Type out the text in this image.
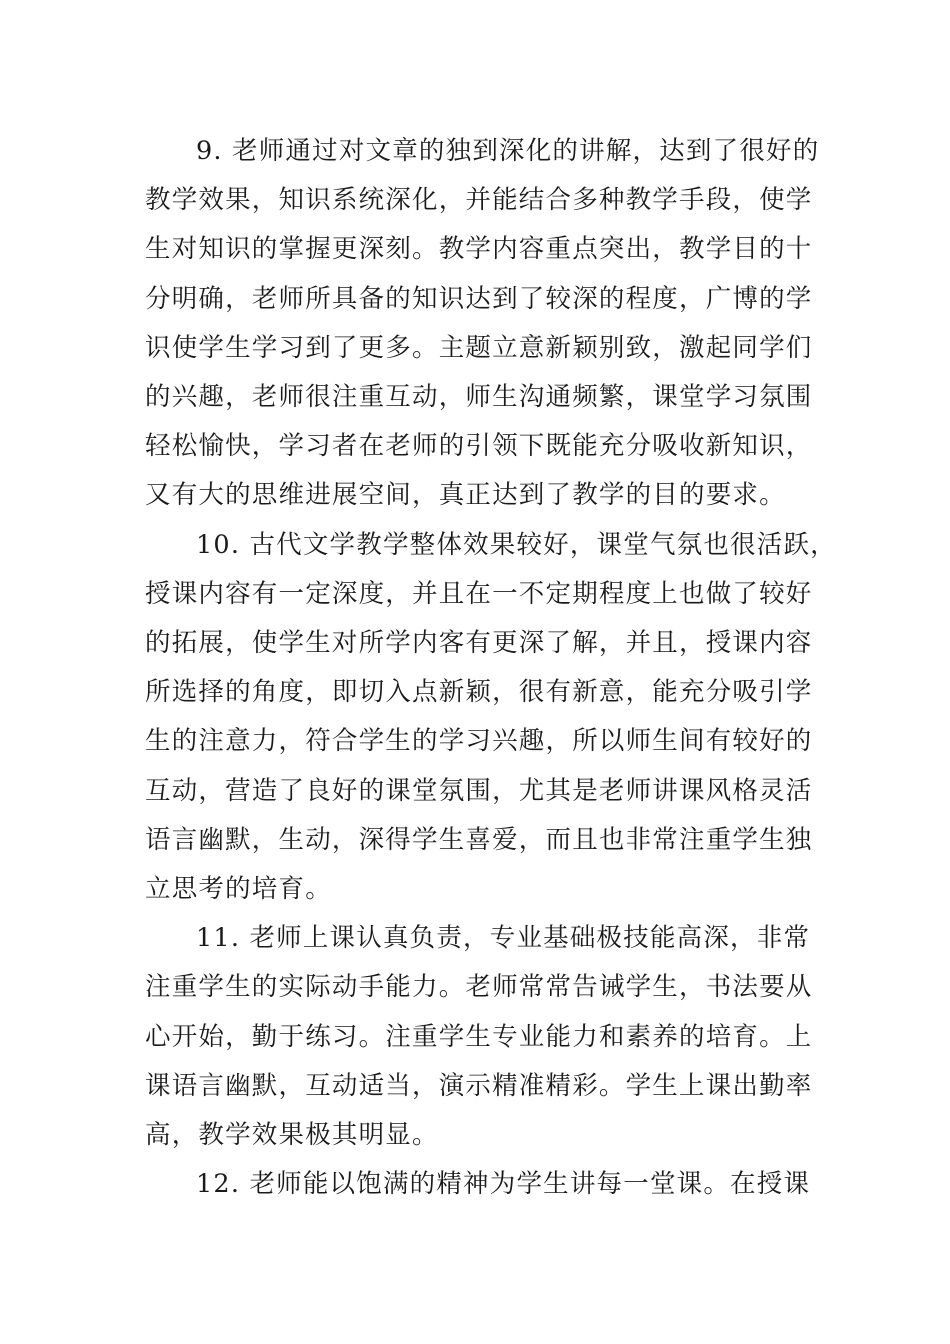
9. 老师通过对文章的独到深化的讲解，达到了很好的
教学效果，知识系统深化，并能结合多种教学手段，使学
生对知识的掌握更深刻。教学内容重点突出，教学目的十
分明确，老师所具备的知识达到了较深的程度，广博的学
识使学生学习到了更多。主题立意新颖别致，激起同学们
的兴趣，老师很注重互动，师生沟通频繁，课堂学习氛围
轻松愉快，学习者在老师的引领下既能充分吸收新知识，
又有大的思维进展空间，真正达到了教学的目的要求。
10. 古代文学教学整体效果较好，课堂气氛也很活跃，
授课内容有一定深度，并且在一不定期程度上也做了较好
的拓展，使学生对所学内客有更深了解，并且，授课内容
所选择的角度，即切入点新颖，很有新意，能充分吸引学
生的注意力，符合学生的学习兴趣，所以师生间有较好的
互动，营造了良好的课堂氛围，尤其是老师讲课风格灵活
语言幽默，生动，深得学生喜爱，而且也非常注重学生独
立思考的培育。
11. 老师上课认真负责，专业基础极技能高深，非常
注重学生的实际动手能力。老师常常告诫学生，书法要从
心开始，勤于练习。注重学生专业能力和素养的培育。上
课语言幽默，互动适当，演示精准精彩。学生上课出勤率
高，教学效果极其明显。
12. 老师能以饱满的精神为学生讲每一堂课。在授课
